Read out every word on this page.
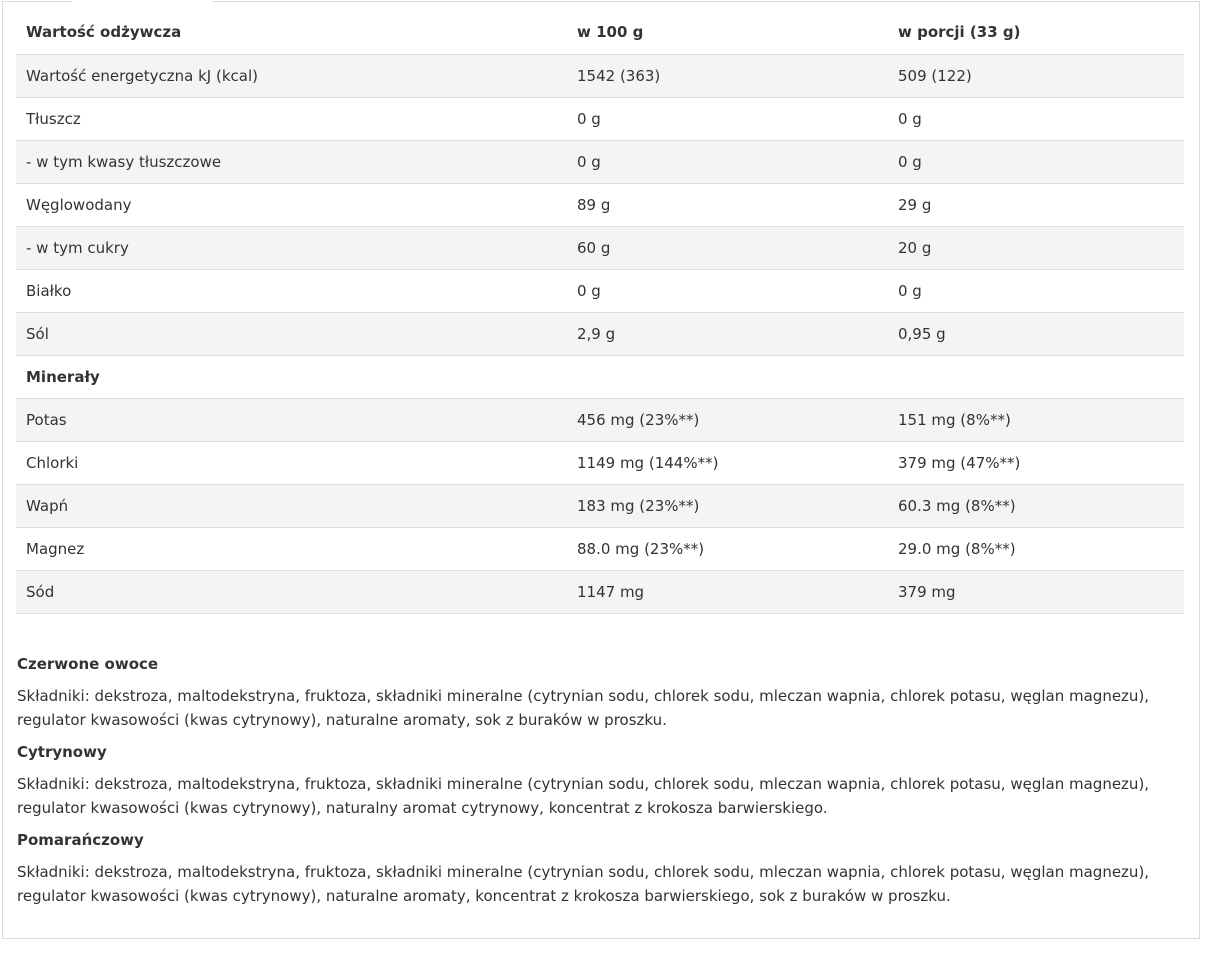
Wartość odżywcza	w 100 g	w porcji (33 g)
Wartość energetyczna kJ (kcal)	1542 (363)	509 (122)
Tłuszcz	0 g	0 g
- w tym kwasy tłuszczowe	0 g	0 g
Węglowodany	89 g	29 g
- w tym cukry	60 g	20 g
Białko	0 g	0 g
Sól	2,9 g	0,95 g
Minerały		
Potas	456 mg (23%**)	151 mg (8%**)
Chlorki	1149 mg (144%**)	379 mg (47%**)
Wapń	183 mg (23%**)	60.3 mg (8%**)
Magnez	88.0 mg (23%**)	29.0 mg (8%**)
Sód	1147 mg	379 mg

Czerwone owoce

Składniki: dekstroza, maltodekstryna, fruktoza, składniki mineralne (cytrynian sodu, chlorek sodu, mleczan wapnia, chlorek potasu, węglan magnezu), regulator kwasowości (kwas cytrynowy), naturalne aromaty, sok z buraków w proszku.

Cytrynowy

Składniki: dekstroza, maltodekstryna, fruktoza, składniki mineralne (cytrynian sodu, chlorek sodu, mleczan wapnia, chlorek potasu, węglan magnezu), regulator kwasowości (kwas cytrynowy), naturalny aromat cytrynowy, koncentrat z krokosza barwierskiego.

Pomarańczowy

Składniki: dekstroza, maltodekstryna, fruktoza, składniki mineralne (cytrynian sodu, chlorek sodu, mleczan wapnia, chlorek potasu, węglan magnezu), regulator kwasowości (kwas cytrynowy), naturalne aromaty, koncentrat z krokosza barwierskiego, sok z buraków w proszku.
